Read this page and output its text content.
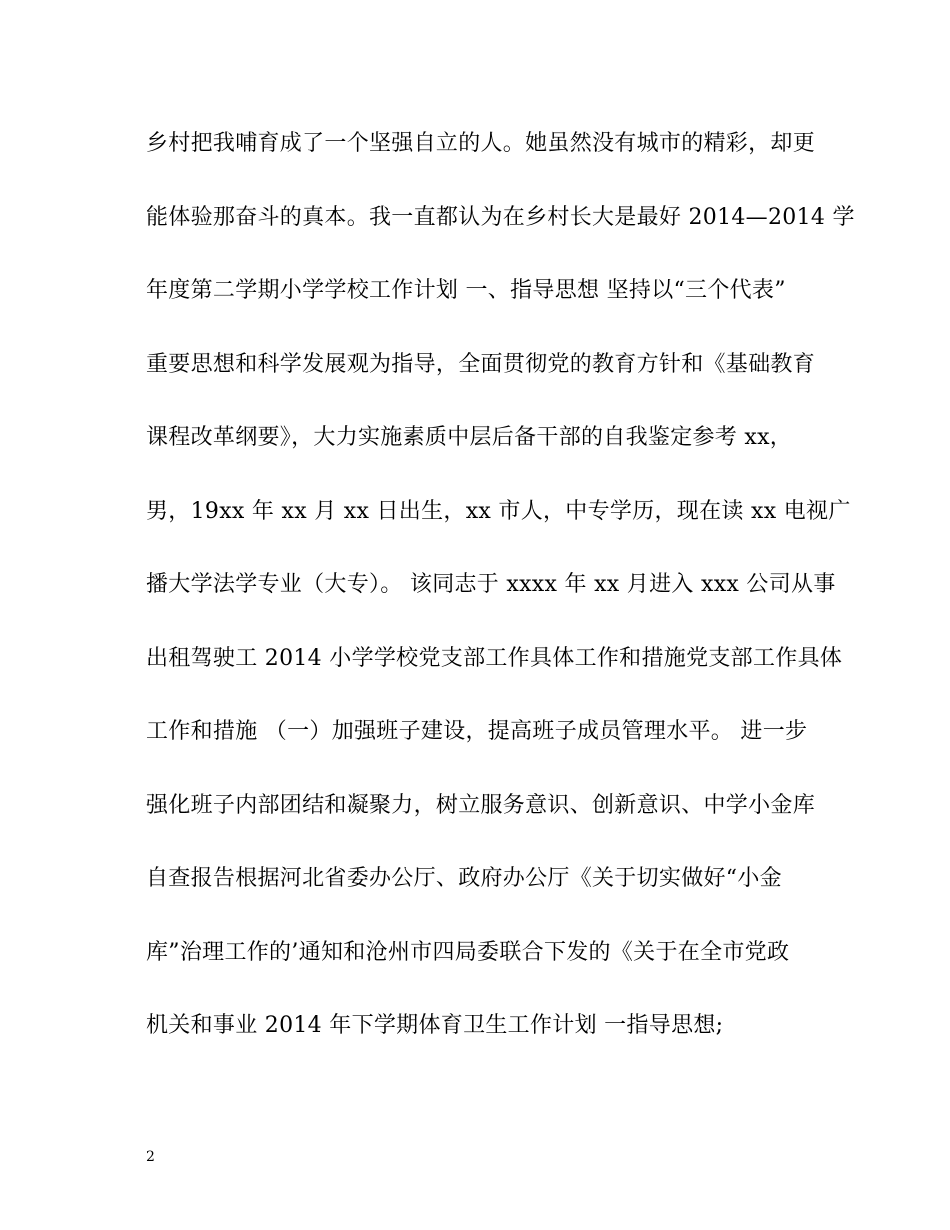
乡村把我哺育成了一个坚强自立的人。她虽然没有城市的精彩，却更
能体验那奋斗的真本。我一直都认为在乡村长大是最好 2014—2014 学
年度第二学期小学学校工作计划 一、指导思想 坚持以“三个代表”
重要思想和科学发展观为指导，全面贯彻党的教育方针和《基础教育
课程改革纲要》，大力实施素质中层后备干部的自我鉴定参考 xx，
男，19xx 年 xx 月 xx 日出生，xx 市人，中专学历，现在读 xx 电视广
播大学法学专业（大专）。 该同志于 xxxx 年 xx 月进入 xxx 公司从事
出租驾驶工 2014 小学学校党支部工作具体工作和措施党支部工作具体
工作和措施 （一）加强班子建设，提高班子成员管理水平。 进一步
强化班子内部团结和凝聚力，树立服务意识、创新意识、中学小金库
自查报告根据河北省委办公厅、政府办公厅《关于切实做好“小金
库”治理工作的’通知和沧州市四局委联合下发的《关于在全市党政
机关和事业 2014 年下学期体育卫生工作计划 一指导思想;
2
